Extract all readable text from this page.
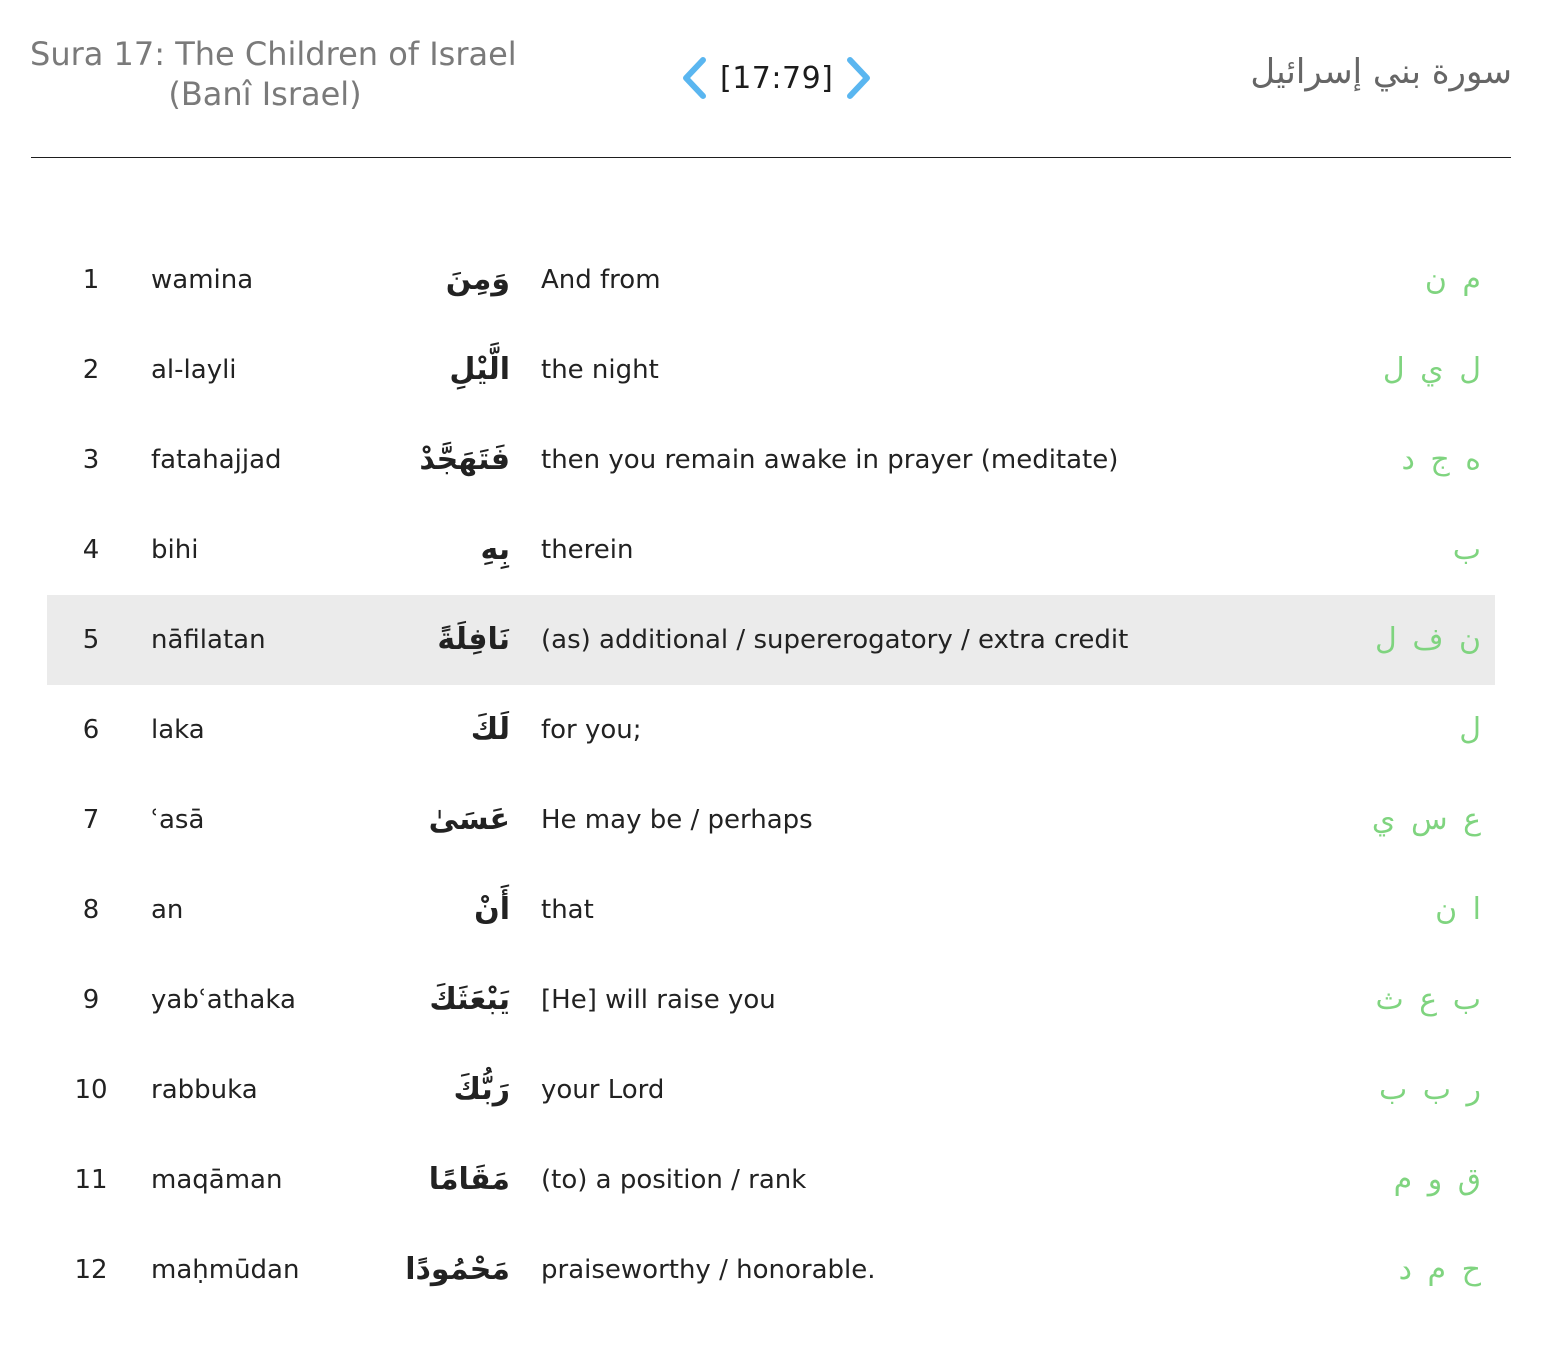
Sura 17: The Children of Israel
(Banî Israel)	[17:79]	سورة بني إسرائيل
1	wamina	وَمِنَ And from	م ن
2	al-layli	الَّيْلِ the night	ل ي ل
3	fatahajjad	فَتَهَجَّدْ then you remain awake in prayer (meditate)	ه ج د
4	bihi	بِهِ therein	ب
5	nāfilatan	نَافِلَةً (as) additional / supererogatory / extra credit	ن ف ل
6	laka	لَكَ for you;	ل
7	ʿasā	عَسَىٰ He may be / perhaps	ع س ي
8	an	أَنْ that	ا ن
9	yabʿathaka	يَبْعَثَكَ [He] will raise you	ب ع ث
10	rabbuka	رَبُّكَ your Lord	ر ب ب
11	maqāman	مَقَامًا (to) a position / rank	ق و م
12	maḥmūdan	مَحْمُودًا praiseworthy / honorable.	ح م د
